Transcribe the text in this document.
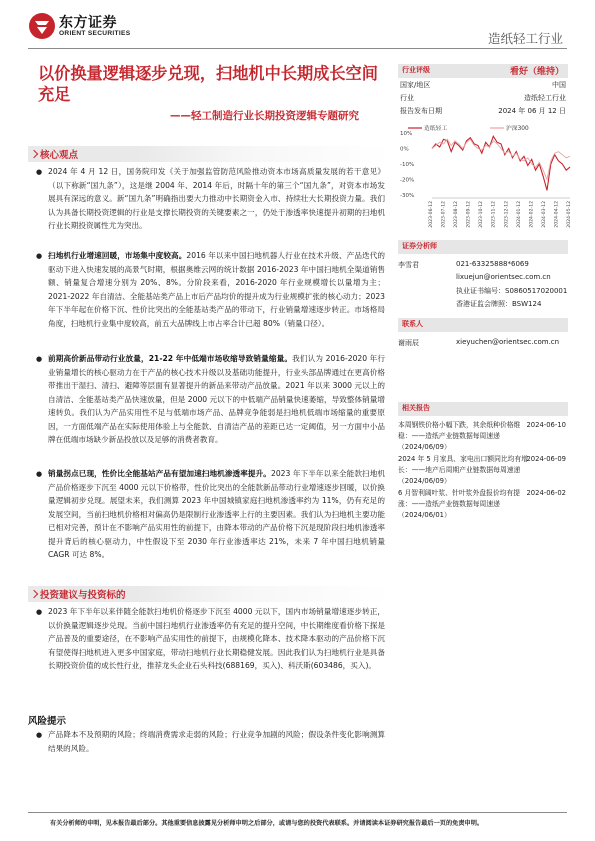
东方证券
ORIENT SECURITIES	造纸轻工行业
以价换量逻辑逐步兑现，扫地机中长期成长空间充足
——轻工制造行业长期投资逻辑专题研究
行业评级	看好（维持）
国家/地区	中国
行业	造纸轻工行业
报告发布日期	2024 年 06 月 12 日
10%
0%
-10%
-20%
-30%
造纸轻工	沪深300
2023-06-12 2023-07-12 2023-08-12 2023-09-12 2023-10-12 2023-11-12 2023-12-12 2024-01-12 2024-02-12 2024-03-12 2024-04-12 2024-05-12
证券分析师
李雪君	021-63325888*6069
lixuejun@orientsec.com.cn
执业证书编号：S0860517020001
香港证监会牌照：BSW124
联系人
谢雨辰	xieyuchen@orientsec.com.cn
相关报告
本周钢铁价格小幅下跌，其余纸种价格维稳：——造纸产业链数据每周速递（2024/06/09）
2024-06-10
2024 年 5 月家具、家电出口额同比均有增长：——地产后周期产业链数据每周速递（2024/06/09）
2024-06-09
6 月智利阔叶浆、针叶浆外盘报价均有提涨：——造纸产业链数据每周速递（2024/06/01）
2024-06-02
核心观点
● 2024 年 4 月 12 日，国务院印发《关于加强监管防范风险推动资本市场高质量发展的若干意见》（以下称新“国九条”），这是继 2004 年、2014 年后，时隔十年的第三个“国九条”，对资本市场发展具有深远的意义。新“国九条”明确指出要大力推动中长期资金入市、持续壮大长期投资力量。我们认为具备长期投资逻辑的行业是支撑长期投资的关键要素之一，仍处于渗透率快速提升初期的扫地机行业长期投资属性尤为突出。
● 扫地机行业增速回暖，市场集中度较高。2016 年以来中国扫地机器人行业在技术升级、产品迭代的驱动下进入快速发展的高景气时期，根据奥维云网的统计数据 2016-2023 年中国扫地机全渠道销售额、销量复合增速分别为 20%、8%。分阶段来看，2016-2020 年行业规模增长以量增为主；2021-2022 年自清洁、全能基站类产品上市后产品均价的提升成为行业规模扩张的核心动力；2023 年下半年起在价格下沉、性价比突出的全能基站类产品的带动下，行业销量增速逐步转正。市场格局角度，扫地机行业集中度较高，前五大品牌线上市占率合计已超 80%（销量口径）。
● 前期高价新品带动行业放量，21-22 年中低端市场收缩导致销量缩量。我们认为 2016-2020 年行业销量增长的核心驱动力在于产品的核心技术升级以及基础功能提升，行业头部品牌通过在更高价格带推出干湿扫、清扫、避障等层面有显著提升的新品来带动产品放量。2021 年以来 3000 元以上的自清洁、全能基站类产品快速放量，但是 2000 元以下的中低端产品销量快速萎缩，导致整体销量增速转负。我们认为产品实用性不足与低端市场产品、品牌竞争能弱是扫地机低端市场缩量的重要原因，一方面低端产品在实际使用体验上与全能款、自清洁产品的差距已达一定阈值，另一方面中小品牌在低端市场缺少新品投放以及足够的消费者教育。
● 销量拐点已现，性价比全能基站产品有望加速扫地机渗透率提升。2023 年下半年以来全能款扫地机产品价格逐步下沉至 4000 元以下价格带，性价比突出的全能款新品带动行业增速逐步回暖，以价换量逻辑初步兑现。展望未来，我们测算 2023 年中国城镇家庭扫地机渗透率约为 11%，仍有充足的发展空间，当前扫地机价格相对偏高仍是限制行业渗透率上行的主要因素。我们认为扫地机主要功能已相对完善，预计在不影响产品实用性的前提下，由降本带动的产品价格下沉是现阶段扫地机渗透率提升背后的核心驱动力，中性假设下至 2030 年行业渗透率达 21%，未来 7 年中国扫地机销量 CAGR 可达 8%。
投资建议与投资标的
● 2023 年下半年以来伴随全能款扫地机价格逐步下沉至 4000 元以下，国内市场销量增速逐步转正，以价换量逻辑逐步兑现。当前中国扫地机行业渗透率仍有充足的提升空间，中长期维度看价格下探是产品普及的重要途径，在不影响产品实用性的前提下，由规模化降本、技术降本驱动的产品价格下沉有望使得扫地机进入更多中国家庭，带动扫地机行业长期稳健发展。因此我们认为扫地机行业是具备长期投资价值的成长性行业，推荐龙头企业石头科技(688169，买入)、科沃斯(603486，买入)。
风险提示
● 产品降本不及预期的风险；终端消费需求走弱的风险；行业竞争加剧的风险；假设条件变化影响测算结果的风险。
有关分析师的申明，见本报告最后部分。其他重要信息披露见分析师申明之后部分，或请与您的投资代表联系。并请阅读本证券研究报告最后一页的免责申明。
